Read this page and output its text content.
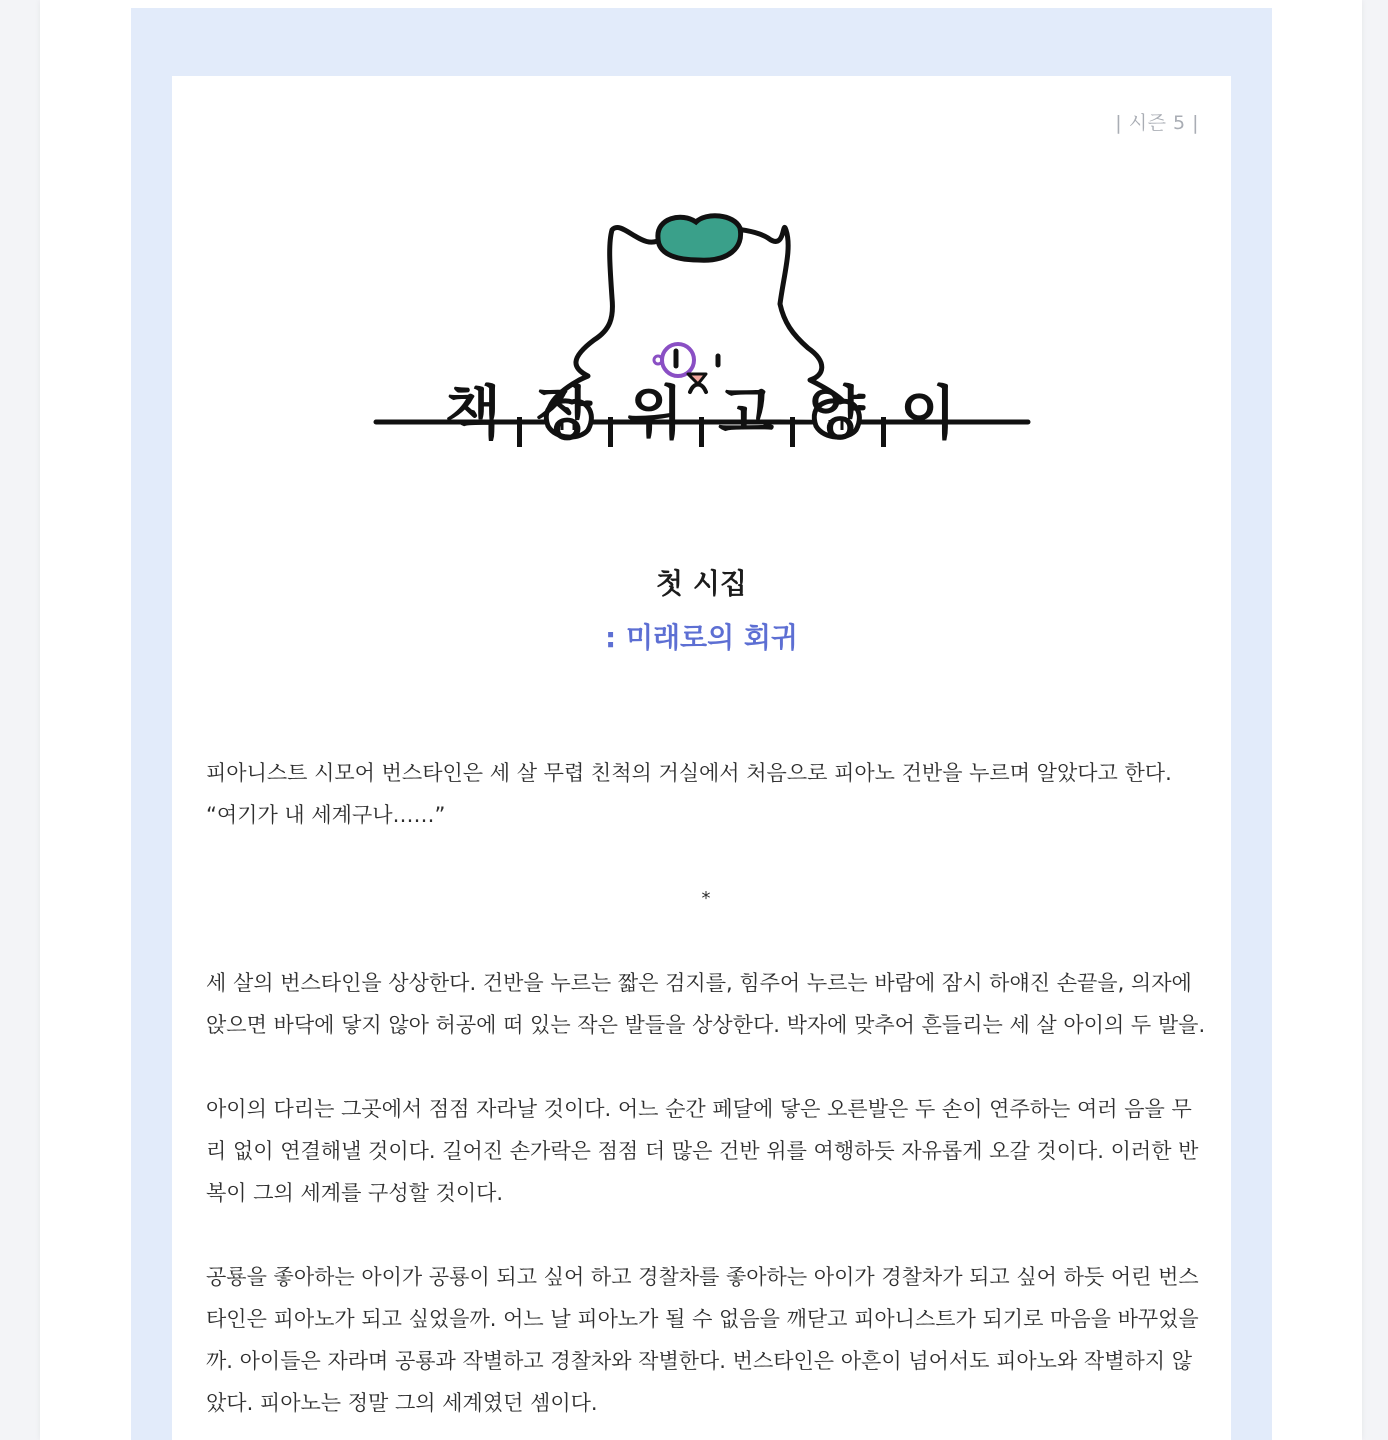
| 시즌 5 |
책 장 위 고 양 이
첫 시집
: 미래로의 회귀

피아니스트 시모어 번스타인은 세 살 무렵 친척의 거실에서 처음으로 피아노 건반을 누르며 알았다고 한다.

“여기가 내 세계구나……”

*

세 살의 번스타인을 상상한다. 건반을 누르는 짧은 검지를, 힘주어 누르는 바람에 잠시 하얘진 손끝을, 의자에 앉으면 바닥에 닿지 않아 허공에 떠 있는 작은 발들을 상상한다. 박자에 맞추어 흔들리는 세 살 아이의 두 발을.

아이의 다리는 그곳에서 점점 자라날 것이다. 어느 순간 페달에 닿은 오른발은 두 손이 연주하는 여러 음을 무리 없이 연결해낼 것이다. 길어진 손가락은 점점 더 많은 건반 위를 여행하듯 자유롭게 오갈 것이다. 이러한 반복이 그의 세계를 구성할 것이다.

공룡을 좋아하는 아이가 공룡이 되고 싶어 하고 경찰차를 좋아하는 아이가 경찰차가 되고 싶어 하듯 어린 번스타인은 피아노가 되고 싶었을까. 어느 날 피아노가 될 수 없음을 깨닫고 피아니스트가 되기로 마음을 바꾸었을까. 아이들은 자라며 공룡과 작별하고 경찰차와 작별한다. 번스타인은 아흔이 넘어서도 피아노와 작별하지 않았다. 피아노는 정말 그의 세계였던 셈이다.
